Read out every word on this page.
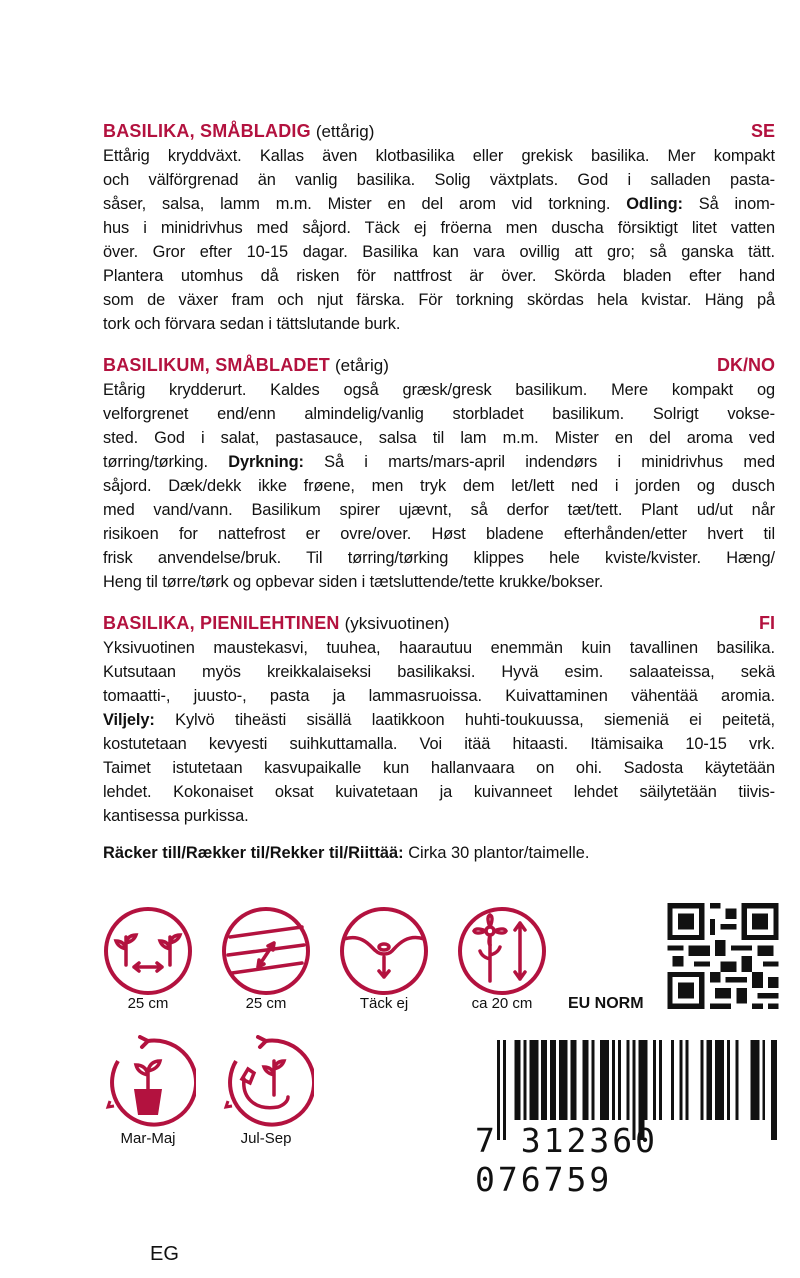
BASILIKA, SMÅBLADIG (ettårig)	SE
Ettårig kryddväxt. Kallas även klotbasilika eller grekisk basilika. Mer kompakt
och välförgrenad än vanlig basilika. Solig växtplats. God i salladen pasta-
såser, salsa, lamm m.m. Mister en del arom vid torkning. Odling: Så inom-
hus i minidrivhus med såjord. Täck ej fröerna men duscha försiktigt litet vatten
över. Gror efter 10-15 dagar. Basilika kan vara ovillig att gro; så ganska tätt.
Plantera utomhus då risken för nattfrost är över. Skörda bladen efter hand
som de växer fram och njut färska. För torkning skördas hela kvistar. Häng på
tork och förvara sedan i tättslutande burk.
BASILIKUM, SMÅBLADET (etårig)	DK/NO
Etårig krydderurt. Kaldes også græsk/gresk basilikum. Mere kompakt og
velforgrenet end/enn almindelig/vanlig storbladet basilikum. Solrigt vokse-
sted. God i salat, pastasauce, salsa til lam m.m. Mister en del aroma ved
tørring/tørking. Dyrkning: Så i marts/mars-april indendørs i minidrivhus med
såjord. Dæk/dekk ikke frøene, men tryk dem let/lett ned i jorden og dusch
med vand/vann. Basilikum spirer ujævnt, så derfor tæt/tett. Plant ud/ut når
risikoen for nattefrost er ovre/over. Høst bladene efterhånden/etter hvert til
frisk anvendelse/bruk. Til tørring/tørking klippes hele kviste/kvister. Hæng/
Heng til tørre/tørk og opbevar siden i tætsluttende/tette krukke/bokser.
BASILIKA, PIENILEHTINEN (yksivuotinen)	FI
Yksivuotinen maustekasvi, tuuhea, haarautuu enemmän kuin tavallinen basilika.
Kutsutaan myös kreikkalaiseksi basilikaksi. Hyvä esim. salaateissa, sekä
tomaatti-, juusto-, pasta ja lammasruoissa. Kuivattaminen vähentää aromia.
Viljely: Kylvö tiheästi sisällä laatikkoon huhti-toukuussa, siemeniä ei peitetä,
kostutetaan kevyesti suihkuttamalla. Voi itää hitaasti. Itämisaika 10-15 vrk.
Taimet istutetaan kasvupaikalle kun hallanvaara on ohi. Sadosta käytetään
lehdet. Kokonaiset oksat kuivatetaan ja kuivanneet lehdet säilytetään tiivis-
kantisessa purkissa.
Räcker till/Rækker til/Rekker til/Riittää: Cirka 30 plantor/taimelle.
25 cm	25 cm	Täck ej	ca 20 cm	EU NORM
Mar-Maj	Jul-Sep	7 312360 076759
EG
